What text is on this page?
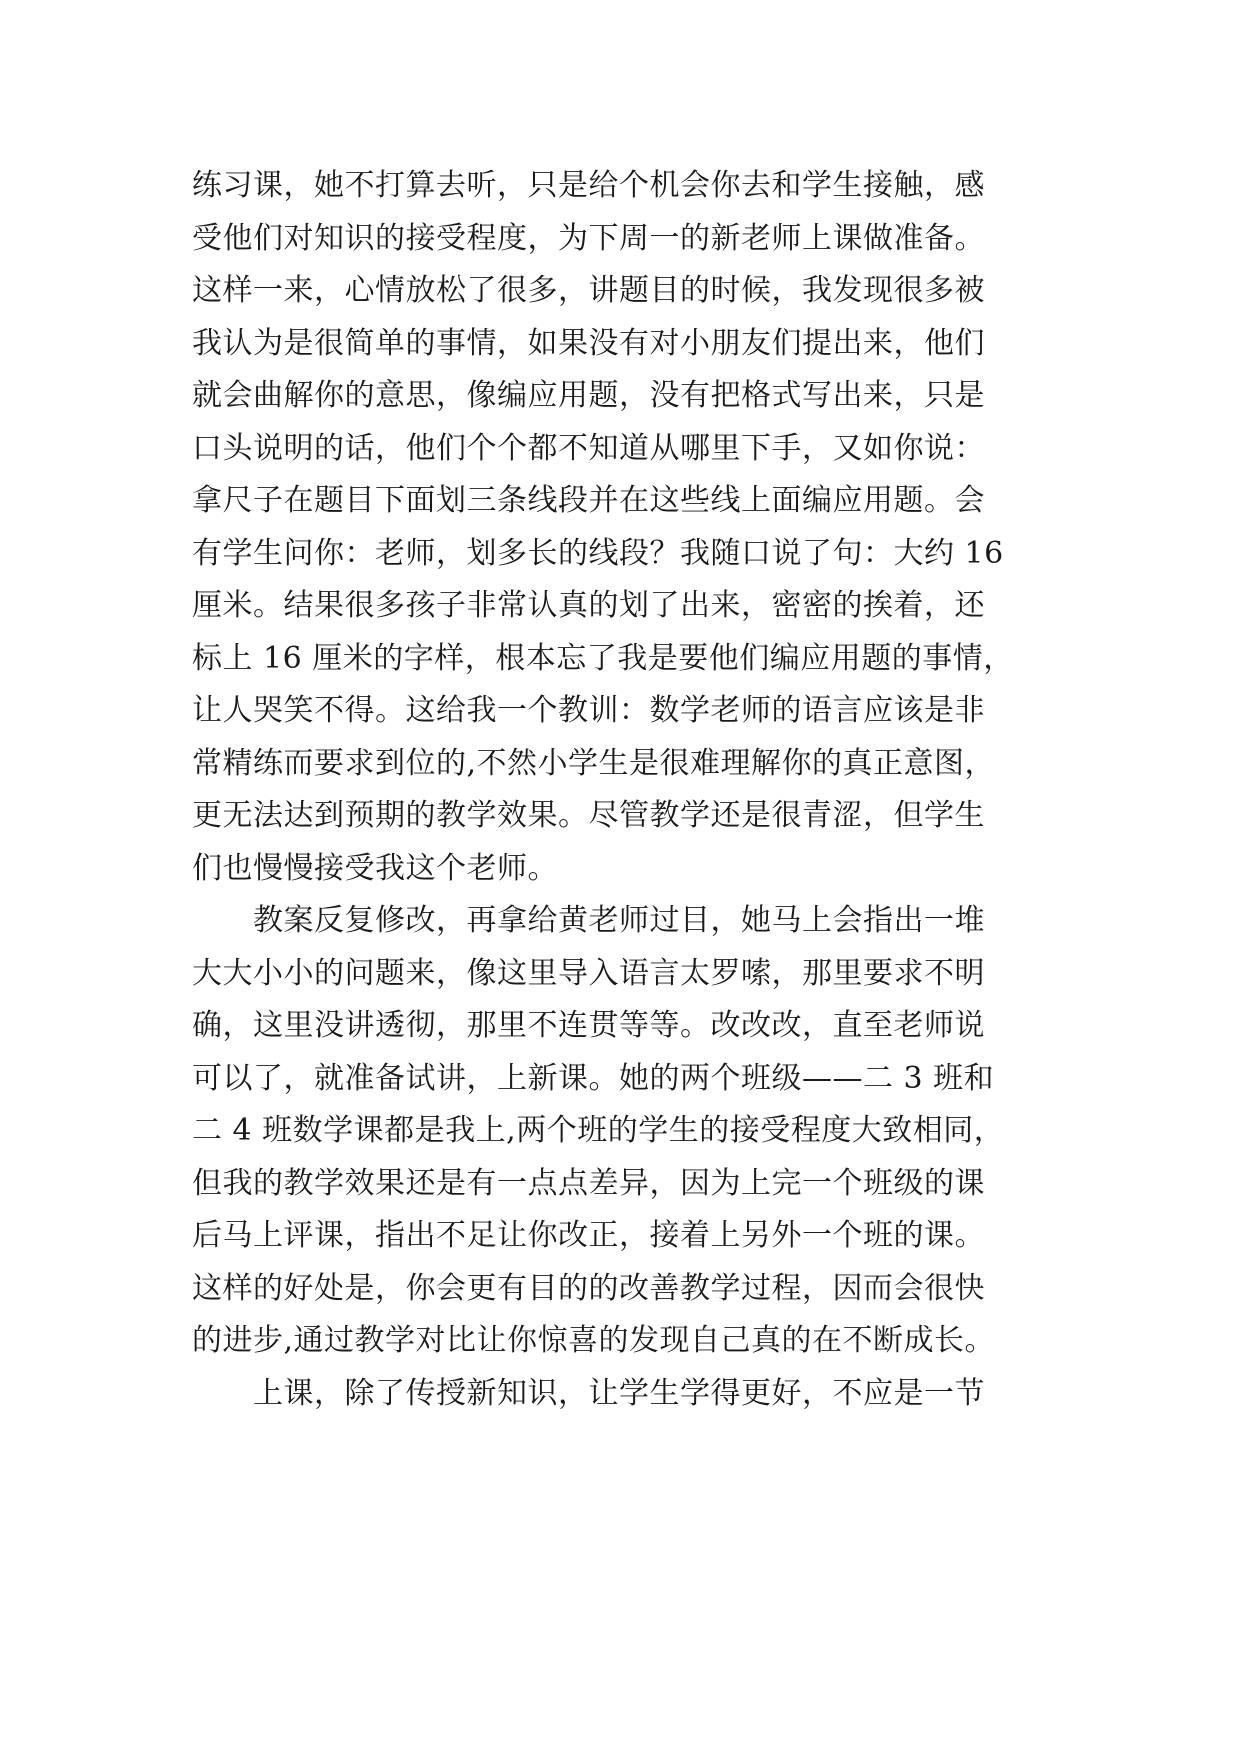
练习课，她不打算去听，只是给个机会你去和学生接触，感
受他们对知识的接受程度，为下周一的新老师上课做准备。
这样一来，心情放松了很多，讲题目的时候，我发现很多被
我认为是很简单的事情，如果没有对小朋友们提出来，他们
就会曲解你的意思，像编应用题，没有把格式写出来，只是
口头说明的话，他们个个都不知道从哪里下手，又如你说：
拿尺子在题目下面划三条线段并在这些线上面编应用题。会
有学生问你：老师，划多长的线段？我随口说了句：大约 16
厘米。结果很多孩子非常认真的划了出来，密密的挨着，还
标上 16 厘米的字样，根本忘了我是要他们编应用题的事情，
让人哭笑不得。这给我一个教训：数学老师的语言应该是非
常精练而要求到位的,不然小学生是很难理解你的真正意图，
更无法达到预期的教学效果。尽管教学还是很青涩，但学生
们也慢慢接受我这个老师。
　　教案反复修改，再拿给黄老师过目，她马上会指出一堆
大大小小的问题来，像这里导入语言太罗嗦，那里要求不明
确，这里没讲透彻，那里不连贯等等。改改改，直至老师说
可以了，就准备试讲，上新课。她的两个班级——二 3 班和
二 4 班数学课都是我上,两个班的学生的接受程度大致相同，
但我的教学效果还是有一点点差异，因为上完一个班级的课
后马上评课，指出不足让你改正，接着上另外一个班的课。
这样的好处是，你会更有目的的改善教学过程，因而会很快
的进步,通过教学对比让你惊喜的发现自己真的在不断成长。
　　上课，除了传授新知识，让学生学得更好，不应是一节
